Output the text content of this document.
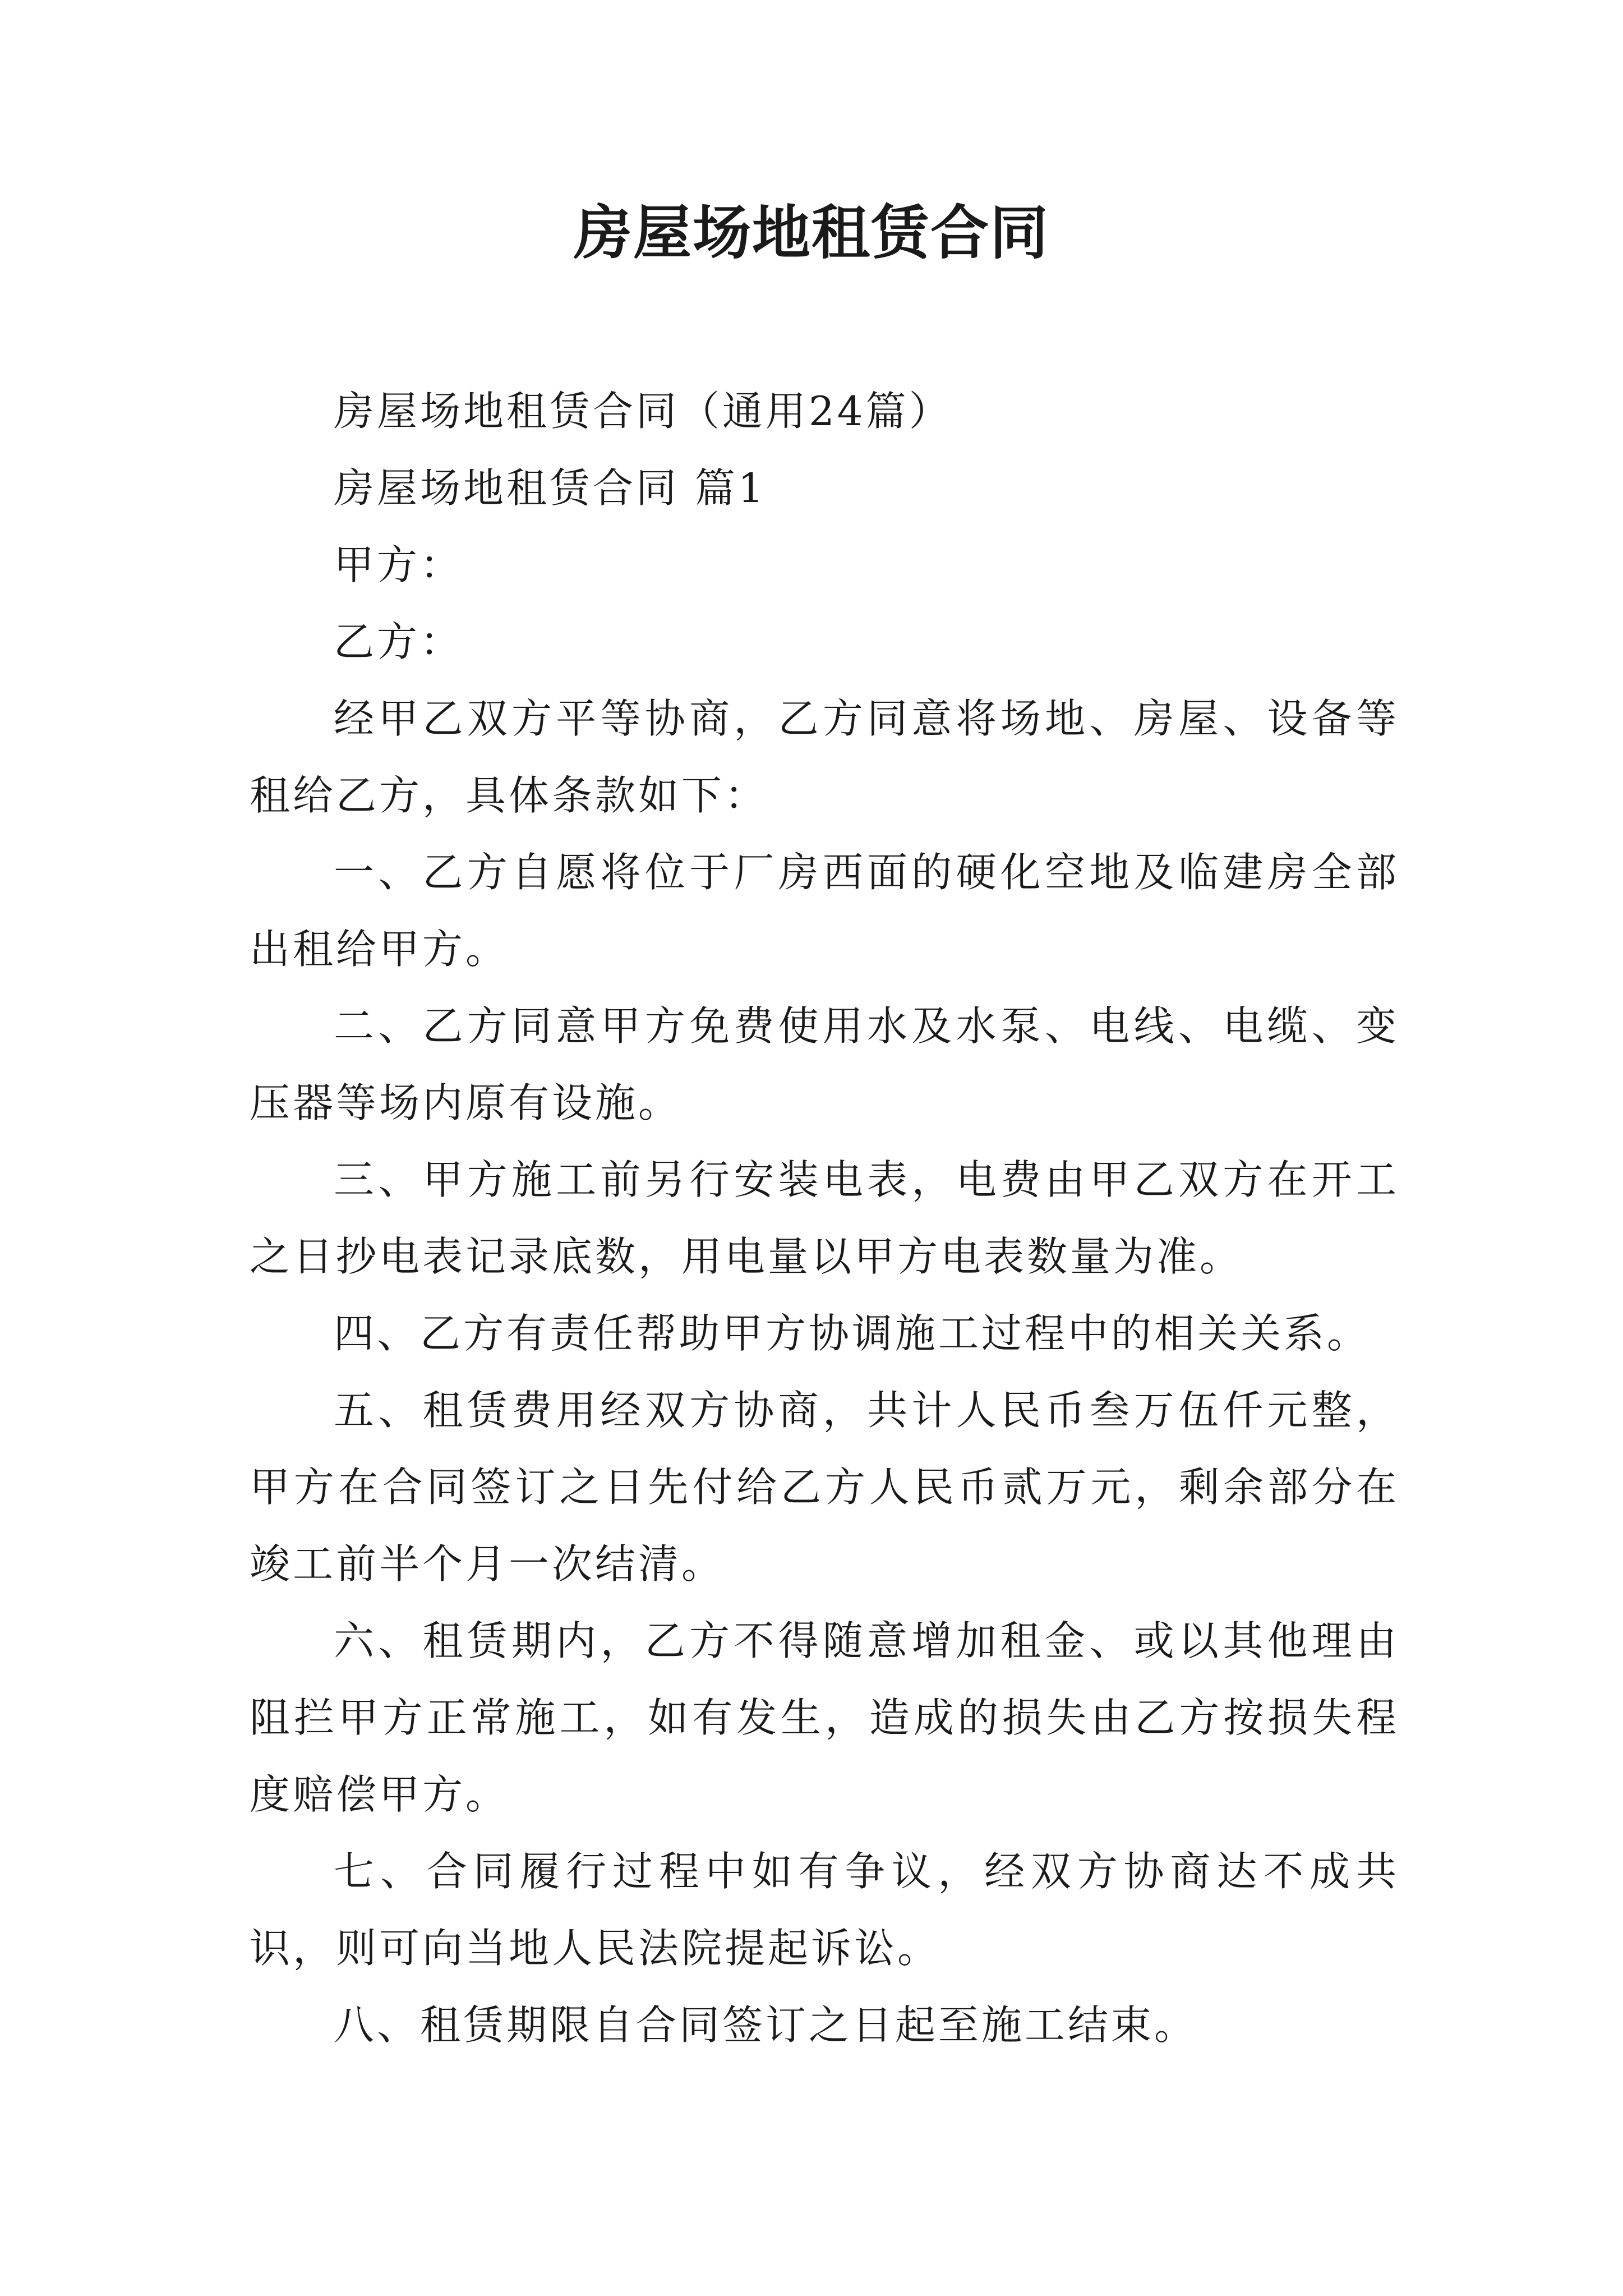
房屋场地租赁合同

房屋场地租赁合同（通用24篇）

房屋场地租赁合同 篇1

甲方：

乙方：

经甲乙双方平等协商，乙方同意将场地、房屋、设备等租给乙方，具体条款如下：

一、乙方自愿将位于厂房西面的硬化空地及临建房全部出租给甲方。

二、乙方同意甲方免费使用水及水泵、电线、电缆、变压器等场内原有设施。

三、甲方施工前另行安装电表，电费由甲乙双方在开工之日抄电表记录底数，用电量以甲方电表数量为准。

四、乙方有责任帮助甲方协调施工过程中的相关关系。

五、租赁费用经双方协商，共计人民币叁万伍仟元整，甲方在合同签订之日先付给乙方人民币贰万元，剩余部分在竣工前半个月一次结清。

六、租赁期内，乙方不得随意增加租金、或以其他理由阻拦甲方正常施工，如有发生，造成的损失由乙方按损失程度赔偿甲方。

七、合同履行过程中如有争议，经双方协商达不成共识，则可向当地人民法院提起诉讼。

八、租赁期限自合同签订之日起至施工结束。
